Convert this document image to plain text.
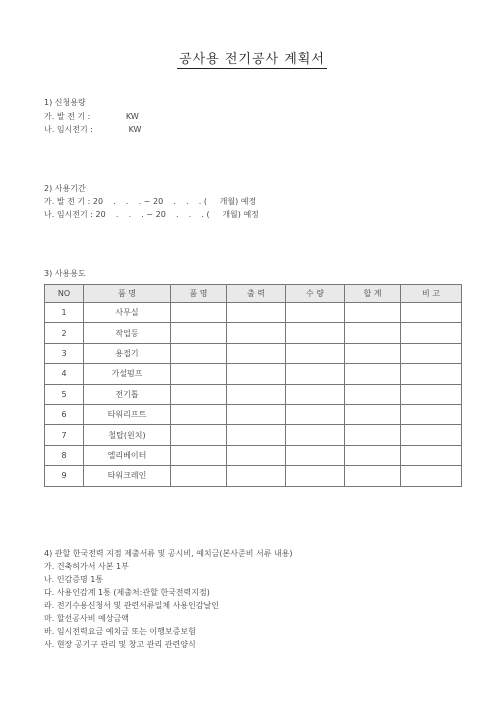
공사용 전기공사 계획서
1) 신청용량
가. 발 전 기 :              KW
나. 임시전기 :              KW
2) 사용기간
가. 발 전 기 : 20    .    .    . ~ 20    .    .    . (     개월) 예정
나. 임시전기 : 20    .    .    . ~ 20    .    .    . (     개월) 예정
3) 사용용도
NO	품 명	품 명	출 력	수 량	합 계	비 고
1	사무실					
2	작업등					
3	용접기					
4	가설펌프					
5	전기톱					
6	타워리프트					
7	철탑(윈치)					
8	엘리베이터					
9	타워크레인					
4) 관할 한국전력 지점 제출서류 및 공시비, 예치금(본사준비 서류 내용)
가. 건축허가서 사본 1부
나. 인감증명 1통
다. 사용인감계 1통 (제출처:관할 한국전력지점)
라. 전기수용신청서 및 관련서류일체 사용인감날인
마. 할선공사비 예상금액
바. 임시전력요금 예치금 또는 이행보증보험
사. 현장 공기구 관리 및 창고 관리 관련양식
